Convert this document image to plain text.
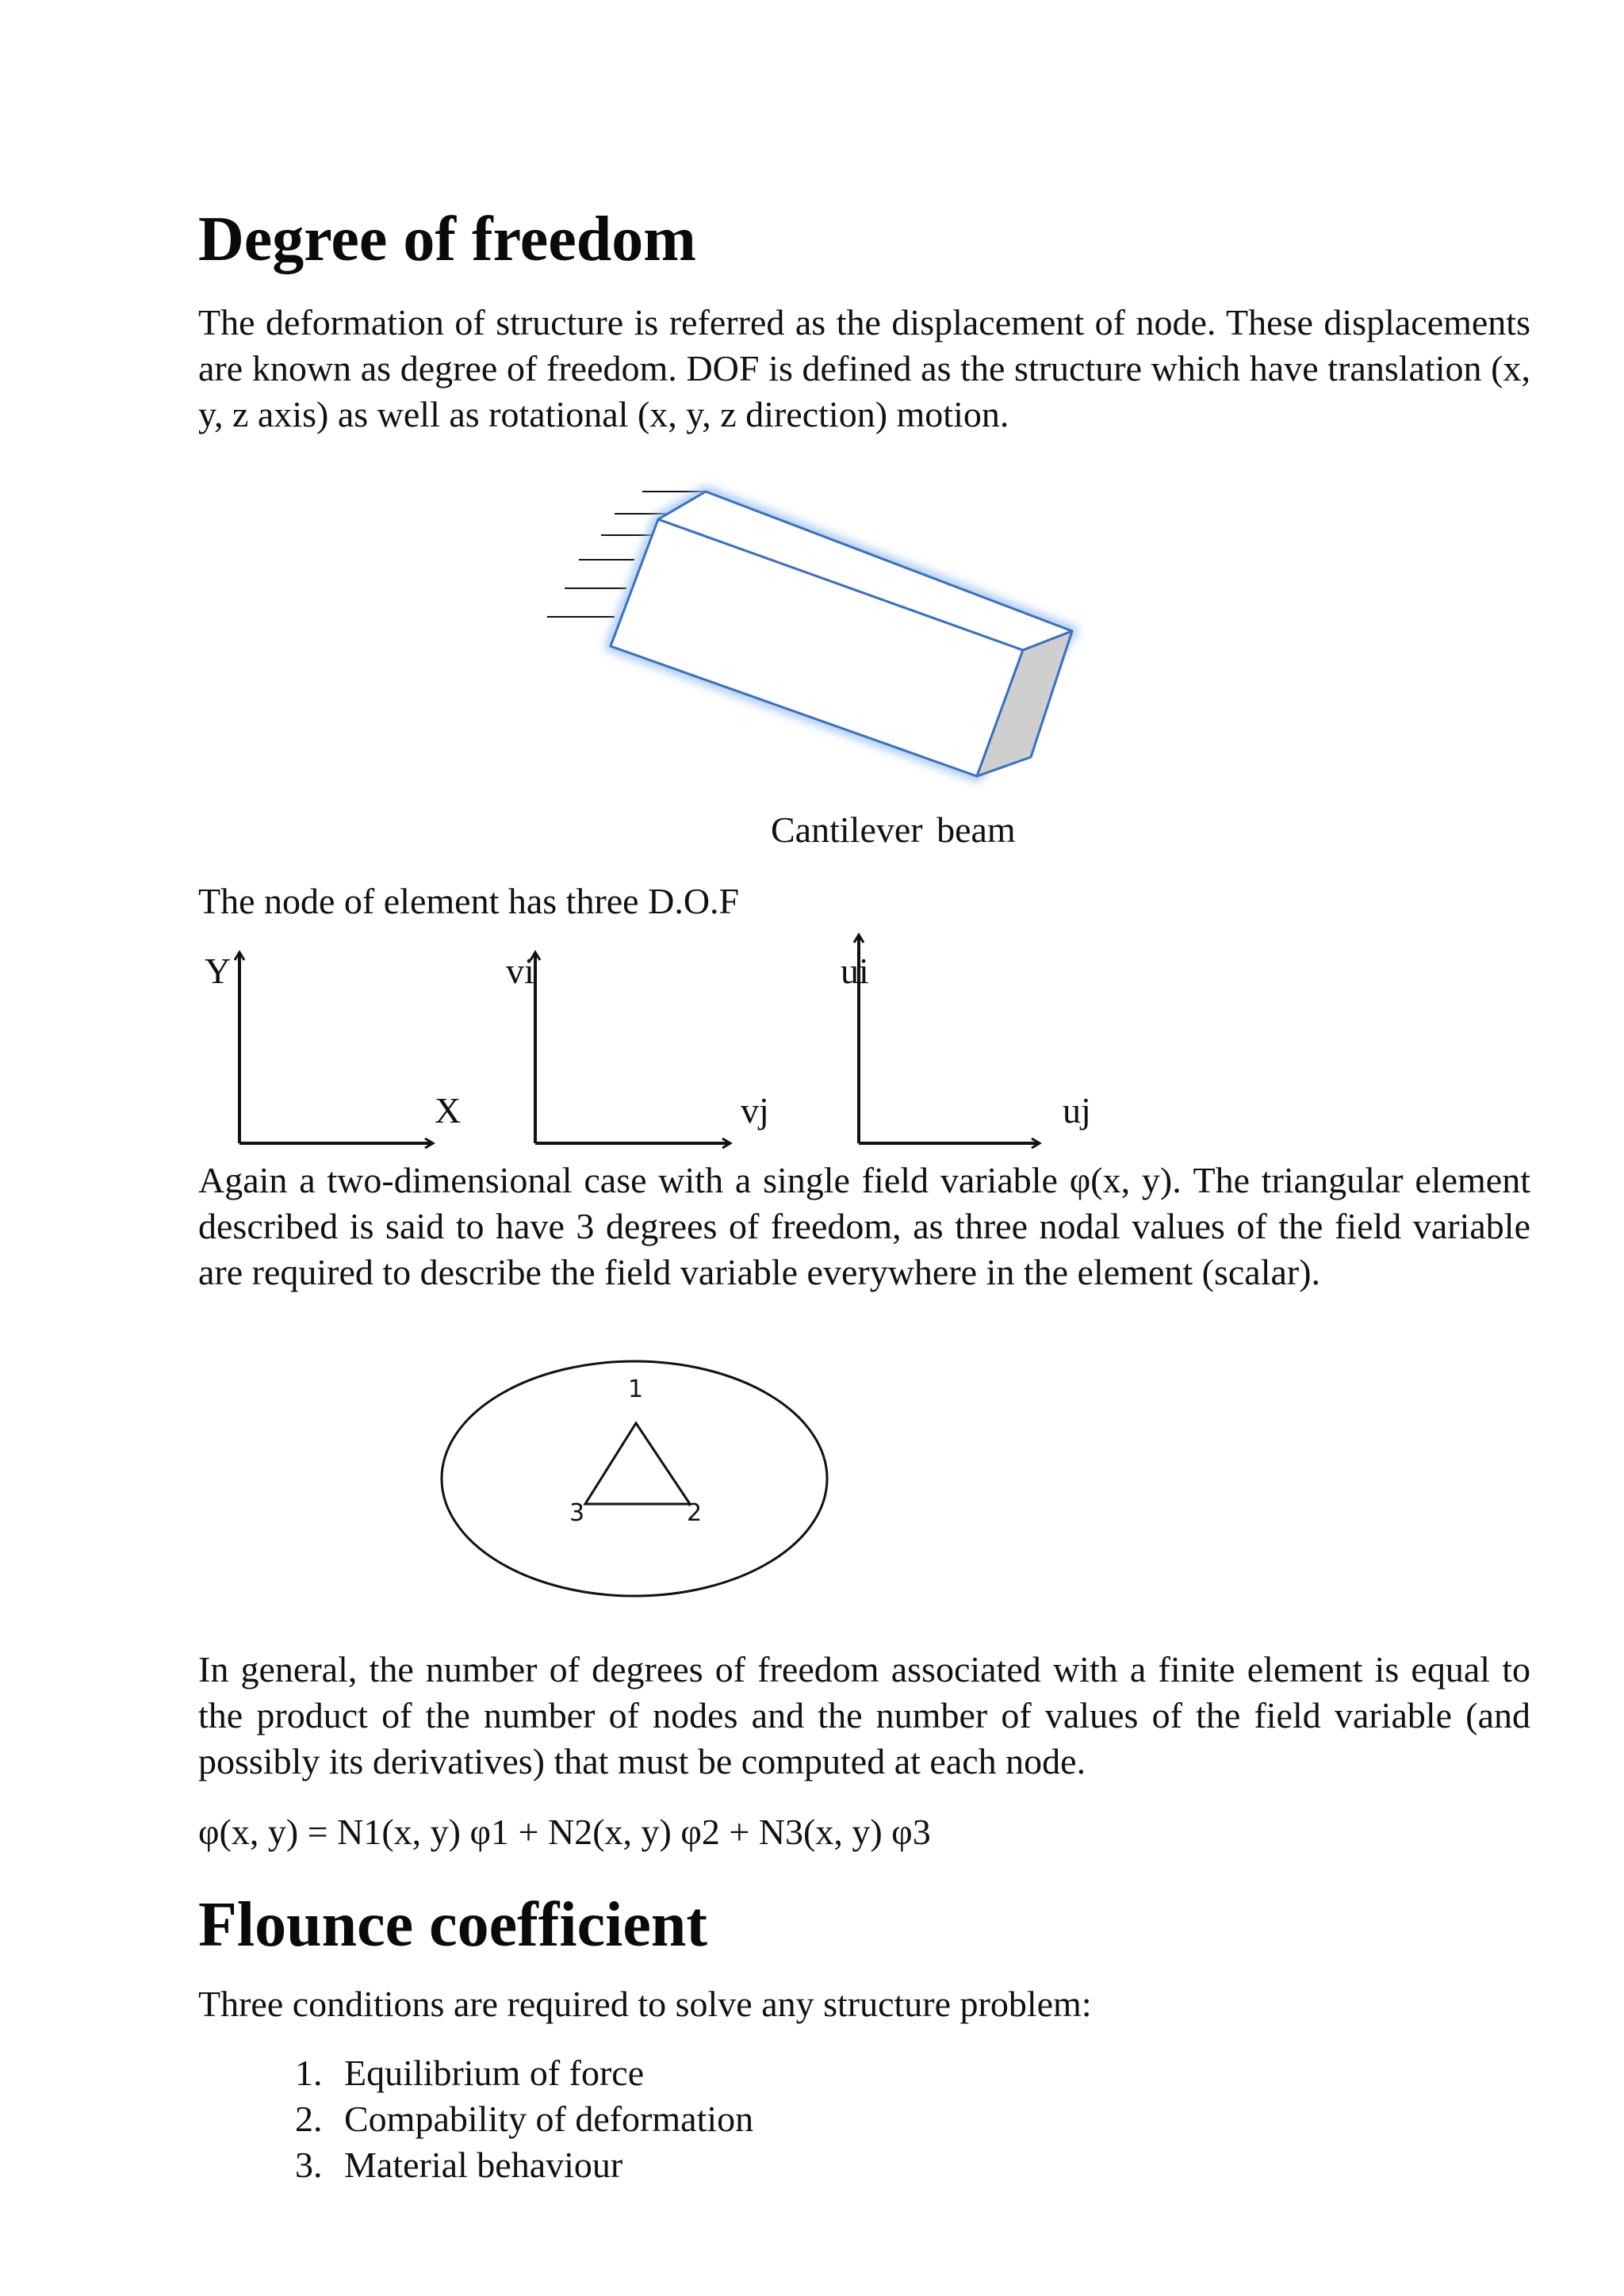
Degree of freedom

The deformation of structure is referred as the displacement of node. These displacements are known as degree of freedom. DOF is defined as the structure which have translation (x, y, z axis) as well as rotational (x, y, z direction) motion.

Cantilever beam
The node of element has three D.O.F
Y
X
vi
vj
ui
uj

Again a two-dimensional case with a single field variable φ(x, y). The triangular element described is said to have 3 degrees of freedom, as three nodal values of the field variable are required to describe the field variable everywhere in the element (scalar).

1
2
3

In general, the number of degrees of freedom associated with a finite element is equal to the product of the number of nodes and the number of values of the field variable (and possibly its derivatives) that must be computed at each node.

φ(x, y) = N1(x, y) φ1 + N2(x, y) φ2 + N3(x, y) φ3
Flounce coefficient
Three conditions are required to solve any structure problem:
1. Equilibrium of force
2. Compability of deformation
3. Material behaviour
